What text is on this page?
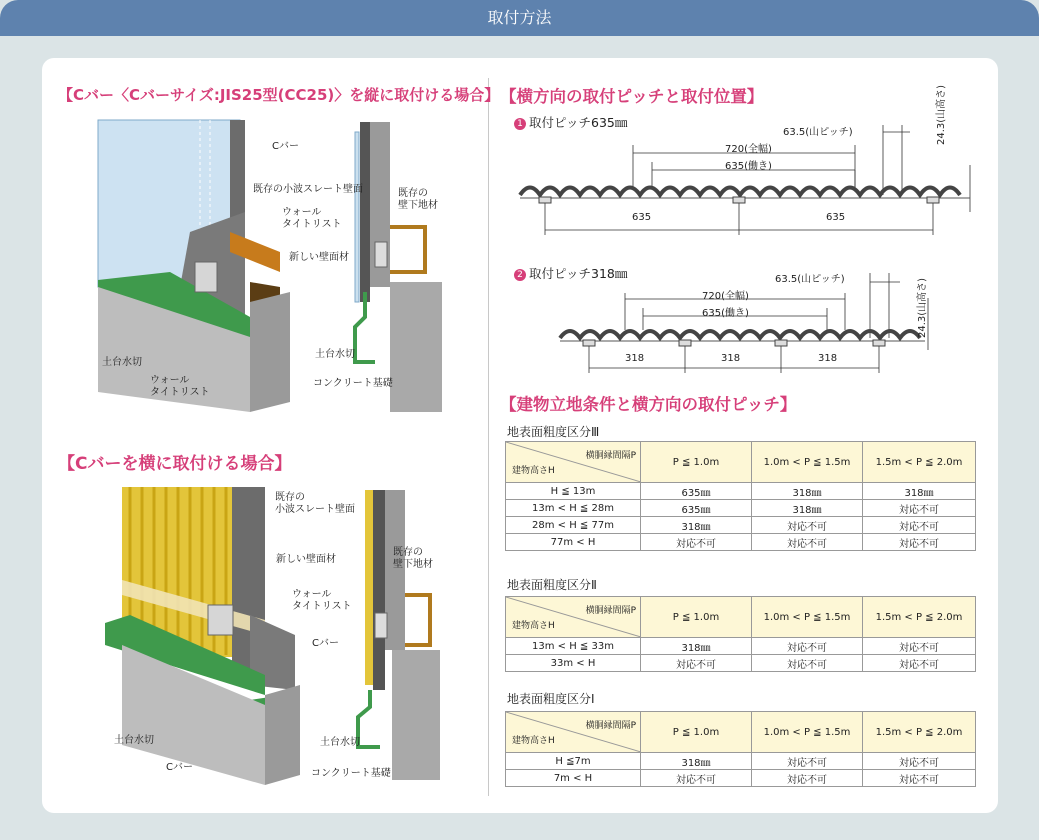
取付方法
【Cバー〈Cバーサイズ:JIS25型(CC25)〉を縦に取付ける場合】
Cバー
既存の小波スレート壁面
ウォール
タイトリスト
新しい壁面材
既存の
壁下地材
土台水切
ウォール
タイトリスト
土台水切
コンクリート基礎
【Cバーを横に取付ける場合】
既存の
小波スレート壁面
新しい壁面材
既存の
壁下地材
ウォール
タイトリスト
Cバー
土台水切
Cバー
土台水切
コンクリート基礎
【横方向の取付ピッチと取付位置】
1 取付ピッチ635㎜
63.5(山ピッチ)
720(全幅)
635(働き)
24.3(山高さ)
635	635
2 取付ピッチ318㎜	63.5(山ピッチ)
720(全幅)
635(働き)	24.3(山高さ)
318	318	318
【建物立地条件と横方向の取付ピッチ】
地表面粗度区分Ⅲ
横胴縁間隔P
建物高さH	P ≦ 1.0m	1.0m < P ≦ 1.5m	1.5m < P ≦ 2.0m
H ≦ 13m	635㎜	318㎜	318㎜
13m < H ≦ 28m	635㎜	318㎜	対応不可
28m < H ≦ 77m	318㎜	対応不可	対応不可
77m < H	対応不可	対応不可	対応不可
地表面粗度区分Ⅱ
横胴縁間隔P
建物高さH	P ≦ 1.0m	1.0m < P ≦ 1.5m	1.5m < P ≦ 2.0m
13m < H ≦ 33m	318㎜	対応不可	対応不可
33m < H	対応不可	対応不可	対応不可
地表面粗度区分Ⅰ
横胴縁間隔P
建物高さH	P ≦ 1.0m	1.0m < P ≦ 1.5m	1.5m < P ≦ 2.0m
H ≦7m	318㎜	対応不可	対応不可
7m < H	対応不可	対応不可	対応不可
